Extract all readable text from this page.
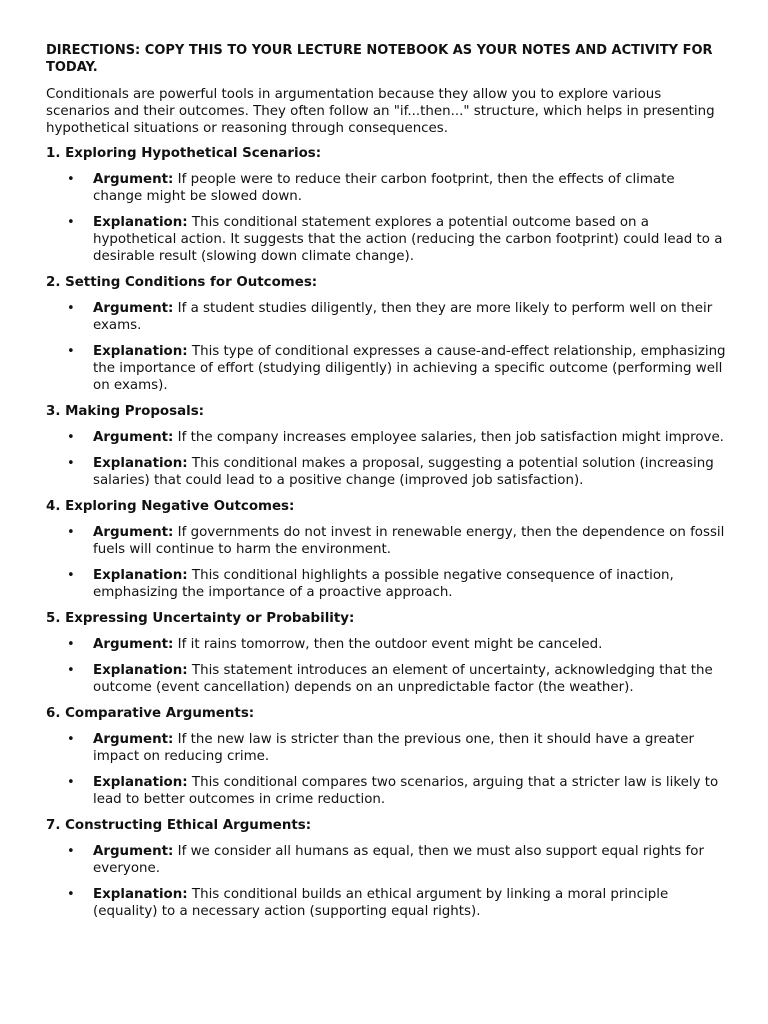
DIRECTIONS: COPY THIS TO YOUR LECTURE NOTEBOOK AS YOUR NOTES AND ACTIVITY FOR TODAY.

Conditionals are powerful tools in argumentation because they allow you to explore various scenarios and their outcomes. They often follow an "if...then..." structure, which helps in presenting hypothetical situations or reasoning through consequences.

1. Exploring Hypothetical Scenarios:

• Argument: If people were to reduce their carbon footprint, then the effects of climate change might be slowed down.
• Explanation: This conditional statement explores a potential outcome based on a hypothetical action. It suggests that the action (reducing the carbon footprint) could lead to a desirable result (slowing down climate change).

2. Setting Conditions for Outcomes:

• Argument: If a student studies diligently, then they are more likely to perform well on their exams.
• Explanation: This type of conditional expresses a cause-and-effect relationship, emphasizing the importance of effort (studying diligently) in achieving a specific outcome (performing well on exams).

3. Making Proposals:

• Argument: If the company increases employee salaries, then job satisfaction might improve.
• Explanation: This conditional makes a proposal, suggesting a potential solution (increasing salaries) that could lead to a positive change (improved job satisfaction).

4. Exploring Negative Outcomes:

• Argument: If governments do not invest in renewable energy, then the dependence on fossil fuels will continue to harm the environment.
• Explanation: This conditional highlights a possible negative consequence of inaction, emphasizing the importance of a proactive approach.

5. Expressing Uncertainty or Probability:

• Argument: If it rains tomorrow, then the outdoor event might be canceled.
• Explanation: This statement introduces an element of uncertainty, acknowledging that the outcome (event cancellation) depends on an unpredictable factor (the weather).

6. Comparative Arguments:

• Argument: If the new law is stricter than the previous one, then it should have a greater impact on reducing crime.
• Explanation: This conditional compares two scenarios, arguing that a stricter law is likely to lead to better outcomes in crime reduction.

7. Constructing Ethical Arguments:

• Argument: If we consider all humans as equal, then we must also support equal rights for everyone.
• Explanation: This conditional builds an ethical argument by linking a moral principle (equality) to a necessary action (supporting equal rights).
